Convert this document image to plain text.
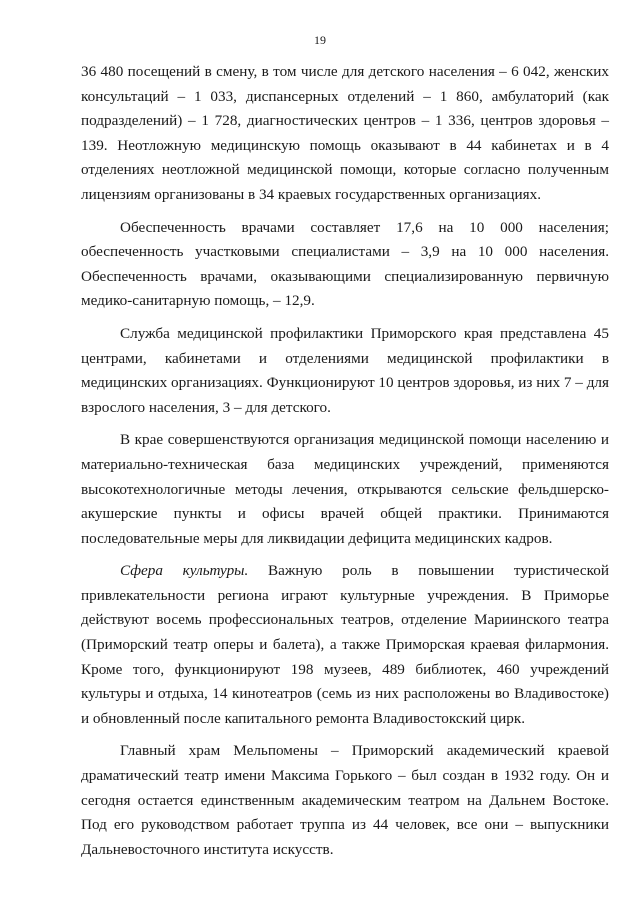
19

36 480 посещений в смену, в том числе для детского населения – 6 042, женских консультаций – 1 033, диспансерных отделений – 1 860, амбулаторий (как подразделений) – 1 728, диагностических центров – 1 336, центров здоровья – 139. Неотложную медицинскую помощь оказывают в 44 кабинетах и в 4 отделениях неотложной медицинской помощи, которые согласно полученным лицензиям организованы в 34 краевых государственных организациях.

Обеспеченность врачами составляет 17,6 на 10 000 населения; обеспеченность участковыми специалистами – 3,9 на 10 000 населения. Обеспеченность врачами, оказывающими специализированную первичную медико-санитарную помощь, – 12,9.

Служба медицинской профилактики Приморского края представлена 45 центрами, кабинетами и отделениями медицинской профилактики в медицинских организациях. Функционируют 10 центров здоровья, из них 7 – для взрослого населения, 3 – для детского.

В крае совершенствуются организация медицинской помощи населению и материально-техническая база медицинских учреждений, применяются высокотехнологичные методы лечения, открываются сельские фельдшерско-акушерские пункты и офисы врачей общей практики. Принимаются последовательные меры для ликвидации дефицита медицинских кадров.

Сфера культуры. Важную роль в повышении туристической привлекательности региона играют культурные учреждения. В Приморье действуют восемь профессиональных театров, отделение Мариинского театра (Приморский театр оперы и балета), а также Приморская краевая филармония. Кроме того, функционируют 198 музеев, 489 библиотек, 460 учреждений культуры и отдыха, 14 кинотеатров (семь из них расположены во Владивостоке) и обновленный после капитального ремонта Владивостокский цирк.

Главный храм Мельпомены – Приморский академический краевой драматический театр имени Максима Горького – был создан в 1932 году. Он и сегодня остается единственным академическим театром на Дальнем Востоке. Под его руководством работает труппа из 44 человек, все они – выпускники Дальневосточного института искусств.
